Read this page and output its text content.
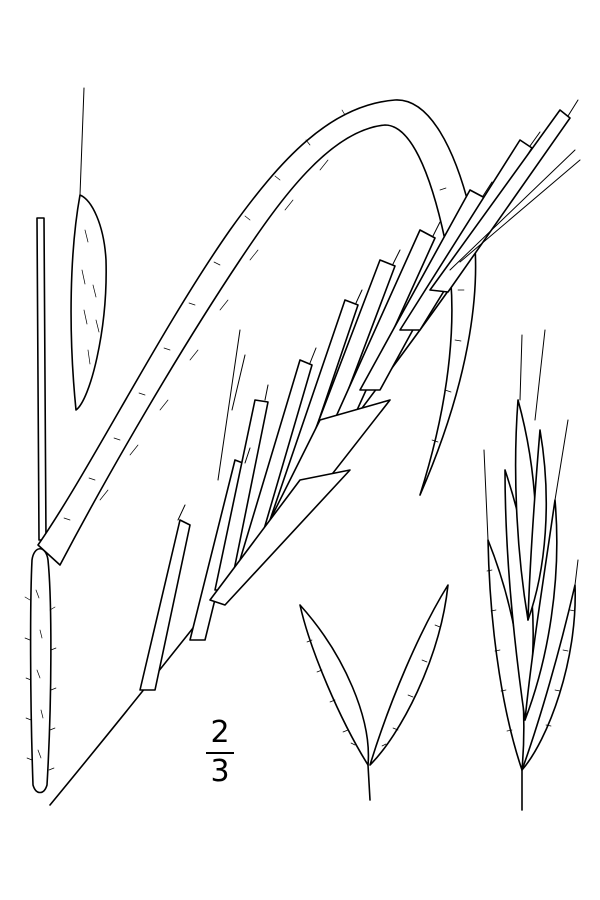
2
3
